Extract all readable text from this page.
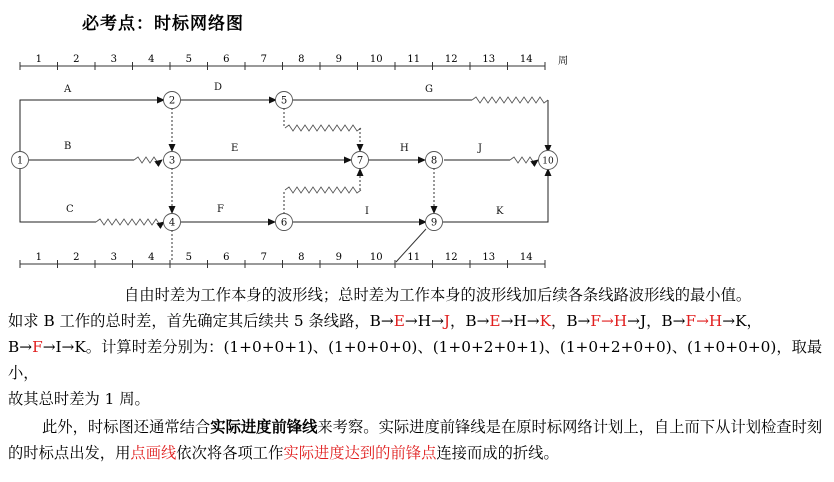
必考点：时标网络图
1	2	3	4	5	6	7	8	9	10 11 12 13 14	周
1	2	3	4	5	6	7	8	9	10 11 12 13 14
A	D	G
B	E	H	J
C	F	I	K
1
2
3
4
5
6
7	8
9
10

自由时差为工作本身的波形线；总时差为工作本身的波形线加后续各条线路波形线的最小值。
如求 B 工作的总时差，首先确定其后续共 5 条线路，B→E→H→J，B→E→H→K，B→F→H→J，B→F→H→K，
B→F→I→K。计算时差分别为：(1+0+0+1)、(1+0+0+0)、(1+0+2+0+1)、(1+0+2+0+0)、(1+0+0+0)，取最小，
故其总时差为 1 周。

此外，时标图还通常结合实际进度前锋线来考察。实际进度前锋线是在原时标网络计划上，自上而下从计划检查时刻的时标点出发，用点画线依次将各项工作实际进度达到的前锋点连接而成的折线。
